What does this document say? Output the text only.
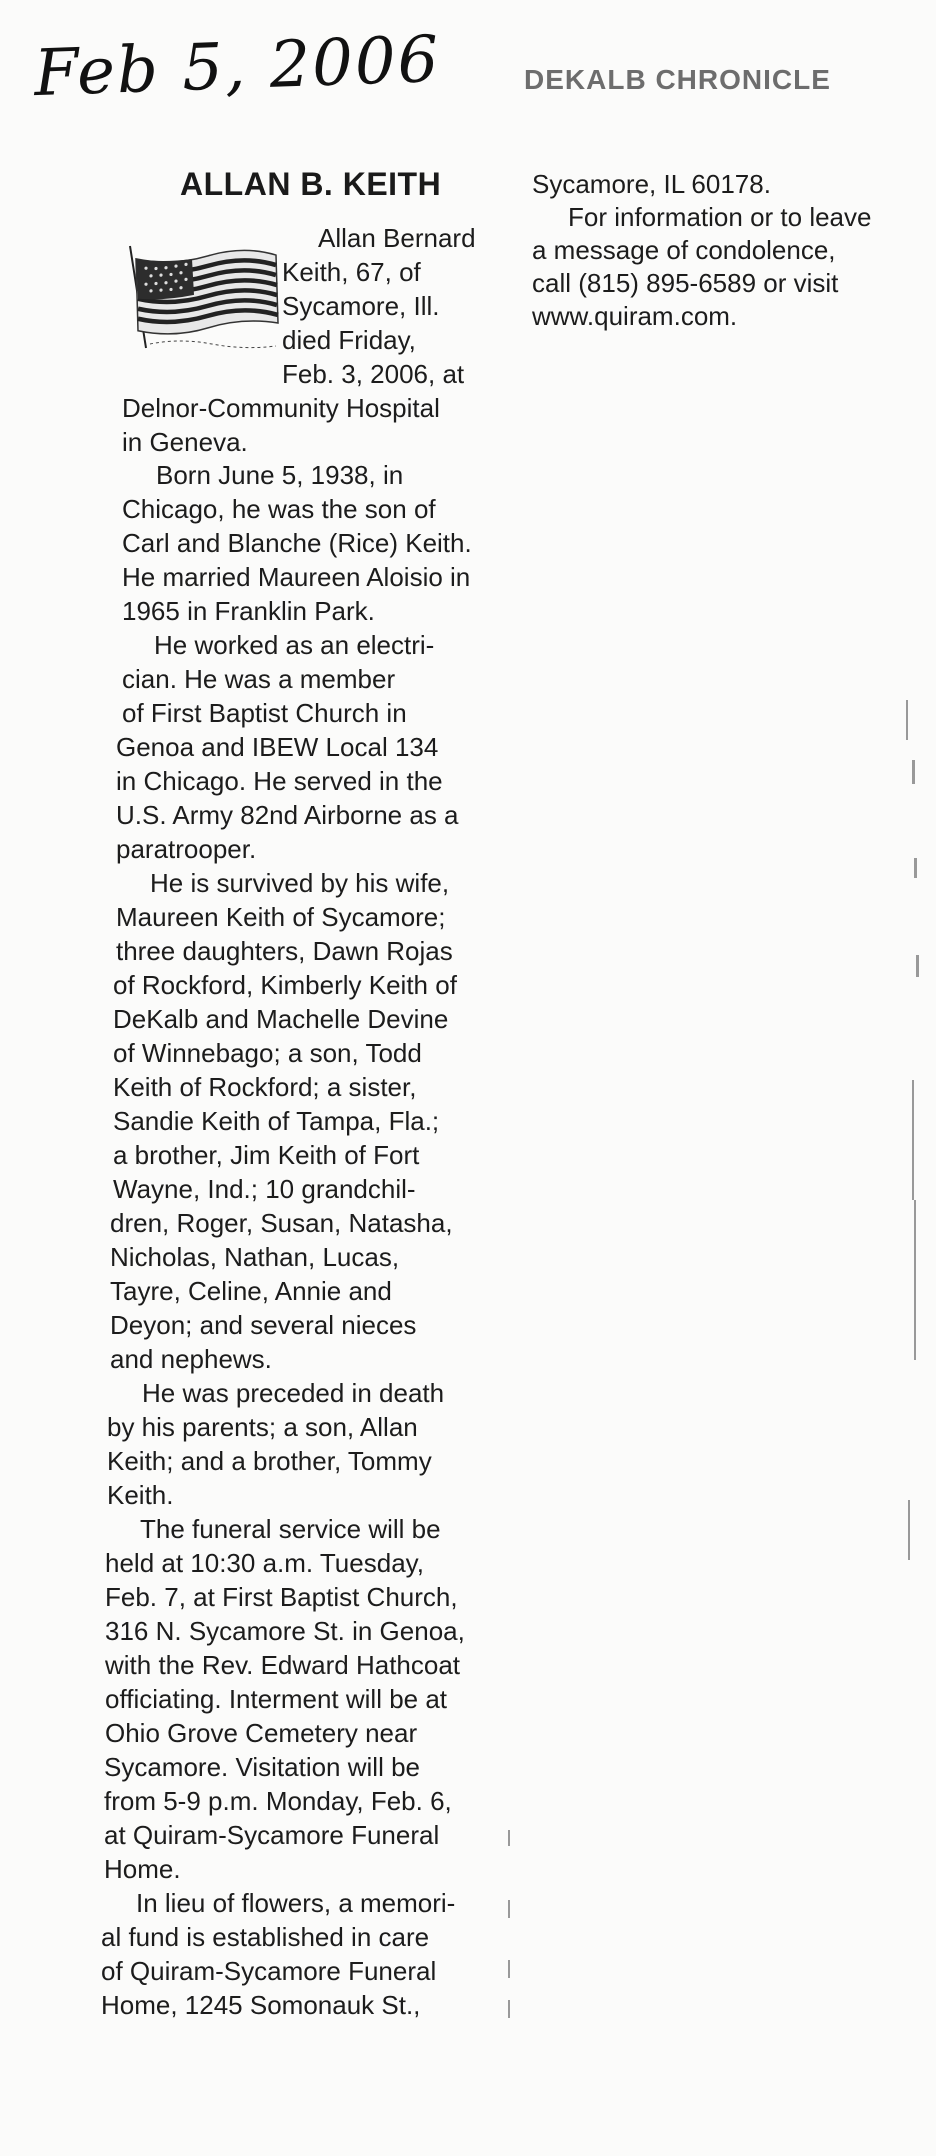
Feb 5, 2006	DEKALB CHRONICLE
ALLAN B. KEITH
Allan Bernard
Keith, 67, of
Sycamore, Ill.
died Friday,
Feb. 3, 2006, at
Delnor-Community Hospital
in Geneva.
Born June 5, 1938, in
Chicago, he was the son of
Carl and Blanche (Rice) Keith.
He married Maureen Aloisio in
1965 in Franklin Park.
He worked as an electri-
cian. He was a member
of First Baptist Church in
Genoa and IBEW Local 134
in Chicago. He served in the
U.S. Army 82nd Airborne as a
paratrooper.
He is survived by his wife,
Maureen Keith of Sycamore;
three daughters, Dawn Rojas
of Rockford, Kimberly Keith of
DeKalb and Machelle Devine
of Winnebago; a son, Todd
Keith of Rockford; a sister,
Sandie Keith of Tampa, Fla.;
a brother, Jim Keith of Fort
Wayne, Ind.; 10 grandchil-
dren, Roger, Susan, Natasha,
Nicholas, Nathan, Lucas,
Tayre, Celine, Annie and
Deyon; and several nieces
and nephews.
He was preceded in death
by his parents; a son, Allan
Keith; and a brother, Tommy
Keith.
The funeral service will be
held at 10:30 a.m. Tuesday,
Feb. 7, at First Baptist Church,
316 N. Sycamore St. in Genoa,
with the Rev. Edward Hathcoat
officiating. Interment will be at
Ohio Grove Cemetery near
Sycamore. Visitation will be
from 5-9 p.m. Monday, Feb. 6,
at Quiram-Sycamore Funeral
Home.
In lieu of flowers, a memori-
al fund is established in care
of Quiram-Sycamore Funeral
Home, 1245 Somonauk St.,
Sycamore, IL 60178.
For information or to leave
a message of condolence,
call (815) 895-6589 or visit
www.quiram.com.
